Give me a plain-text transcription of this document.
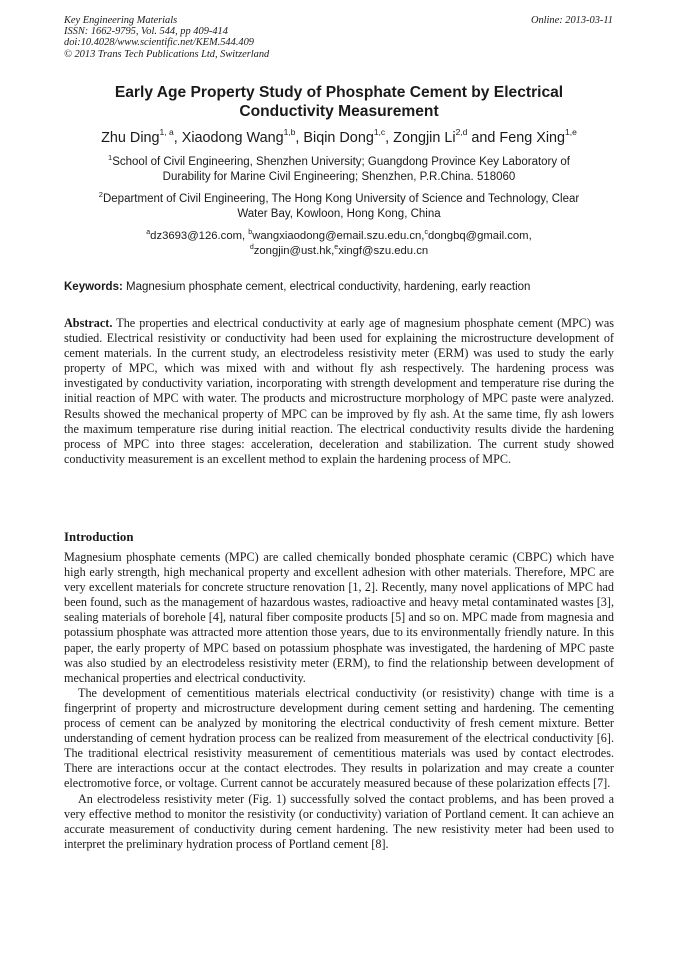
Key Engineering Materials
ISSN: 1662-9795, Vol. 544, pp 409-414
doi:10.4028/www.scientific.net/KEM.544.409
© 2013 Trans Tech Publications Ltd, Switzerland
Online: 2013-03-11
Early Age Property Study of Phosphate Cement by Electrical
Conductivity Measurement
Zhu Ding$^{1, a}$, Xiaodong Wang$^{1,b}$, Biqin Dong$^{1,c}$, Zongjin Li$^{2,d}$ and Feng Xing$^{1,e}$
$^1$School of Civil Engineering, Shenzhen University; Guangdong Province Key Laboratory of
Durability for Marine Civil Engineering; Shenzhen, P.R.China. 518060
$^2$Department of Civil Engineering, The Hong Kong University of Science and Technology, Clear
Water Bay, Kowloon, Hong Kong, China
$^a$dz3693@126.com, $^b$wangxiaodong@email.szu.edu.cn,$^c$dongbq@gmail.com,
$^d$zongjin@ust.hk,$^e$xingf@szu.edu.cn
Keywords: Magnesium phosphate cement, electrical conductivity, hardening, early reaction

Abstract. The properties and electrical conductivity at early age of magnesium phosphate cement (MPC) was studied. Electrical resistivity or conductivity had been used for explaining the microstructure development of cement materials. In the current study, an electrodeless resistivity meter (ERM) was used to study the early property of MPC, which was mixed with and without fly ash respectively. The hardening process was investigated by conductivity variation, incorporating with strength development and temperature rise during the initial reaction of MPC with water. The products and microstructure morphology of MPC paste were analyzed. Results showed the mechanical property of MPC can be improved by fly ash. At the same time, fly ash lowers the maximum temperature rise during initial reaction. The electrical conductivity results divide the hardening process of MPC into three stages: acceleration, deceleration and stabilization. The current study showed conductivity measurement is an excellent method to explain the hardening process of MPC.

Introduction

Magnesium phosphate cements (MPC) are called chemically bonded phosphate ceramic (CBPC) which have high early strength, high mechanical property and excellent adhesion with other materials. Therefore, MPC are very excellent materials for concrete structure renovation [1, 2]. Recently, many novel applications of MPC had been found, such as the management of hazardous wastes, radioactive and heavy metal contaminated wastes [3], sealing materials of borehole [4], natural fiber composite products [5] and so on. MPC made from magnesia and potassium phosphate was attracted more attention those years, due to its environmentally friendly nature. In this paper, the early property of MPC based on potassium phosphate was investigated, the hardening of MPC paste was also studied by an electrodeless resistivity meter (ERM), to find the relationship between development of mechanical properties and electrical conductivity.

The development of cementitious materials electrical conductivity (or resistivity) change with time is a fingerprint of property and microstructure development during cement setting and hardening. The cementing process of cement can be analyzed by monitoring the electrical conductivity of fresh cement mixture. Better understanding of cement hydration process can be realized from measurement of the electrical conductivity [6]. The traditional electrical resistivity measurement of cementitious materials was used by contact electrodes. There are interactions occur at the contact electrodes. They results in polarization and may create a counter electromotive force, or voltage. Current cannot be accurately measured because of these polarization effects [7].

An electrodeless resistivity meter (Fig. 1) successfully solved the contact problems, and has been proved a very effective method to monitor the resistivity (or conductivity) variation of Portland cement. It can achieve an accurate measurement of conductivity during cement hardening. The new resistivity meter had been used to interpret the preliminary hydration process of Portland cement [8].
